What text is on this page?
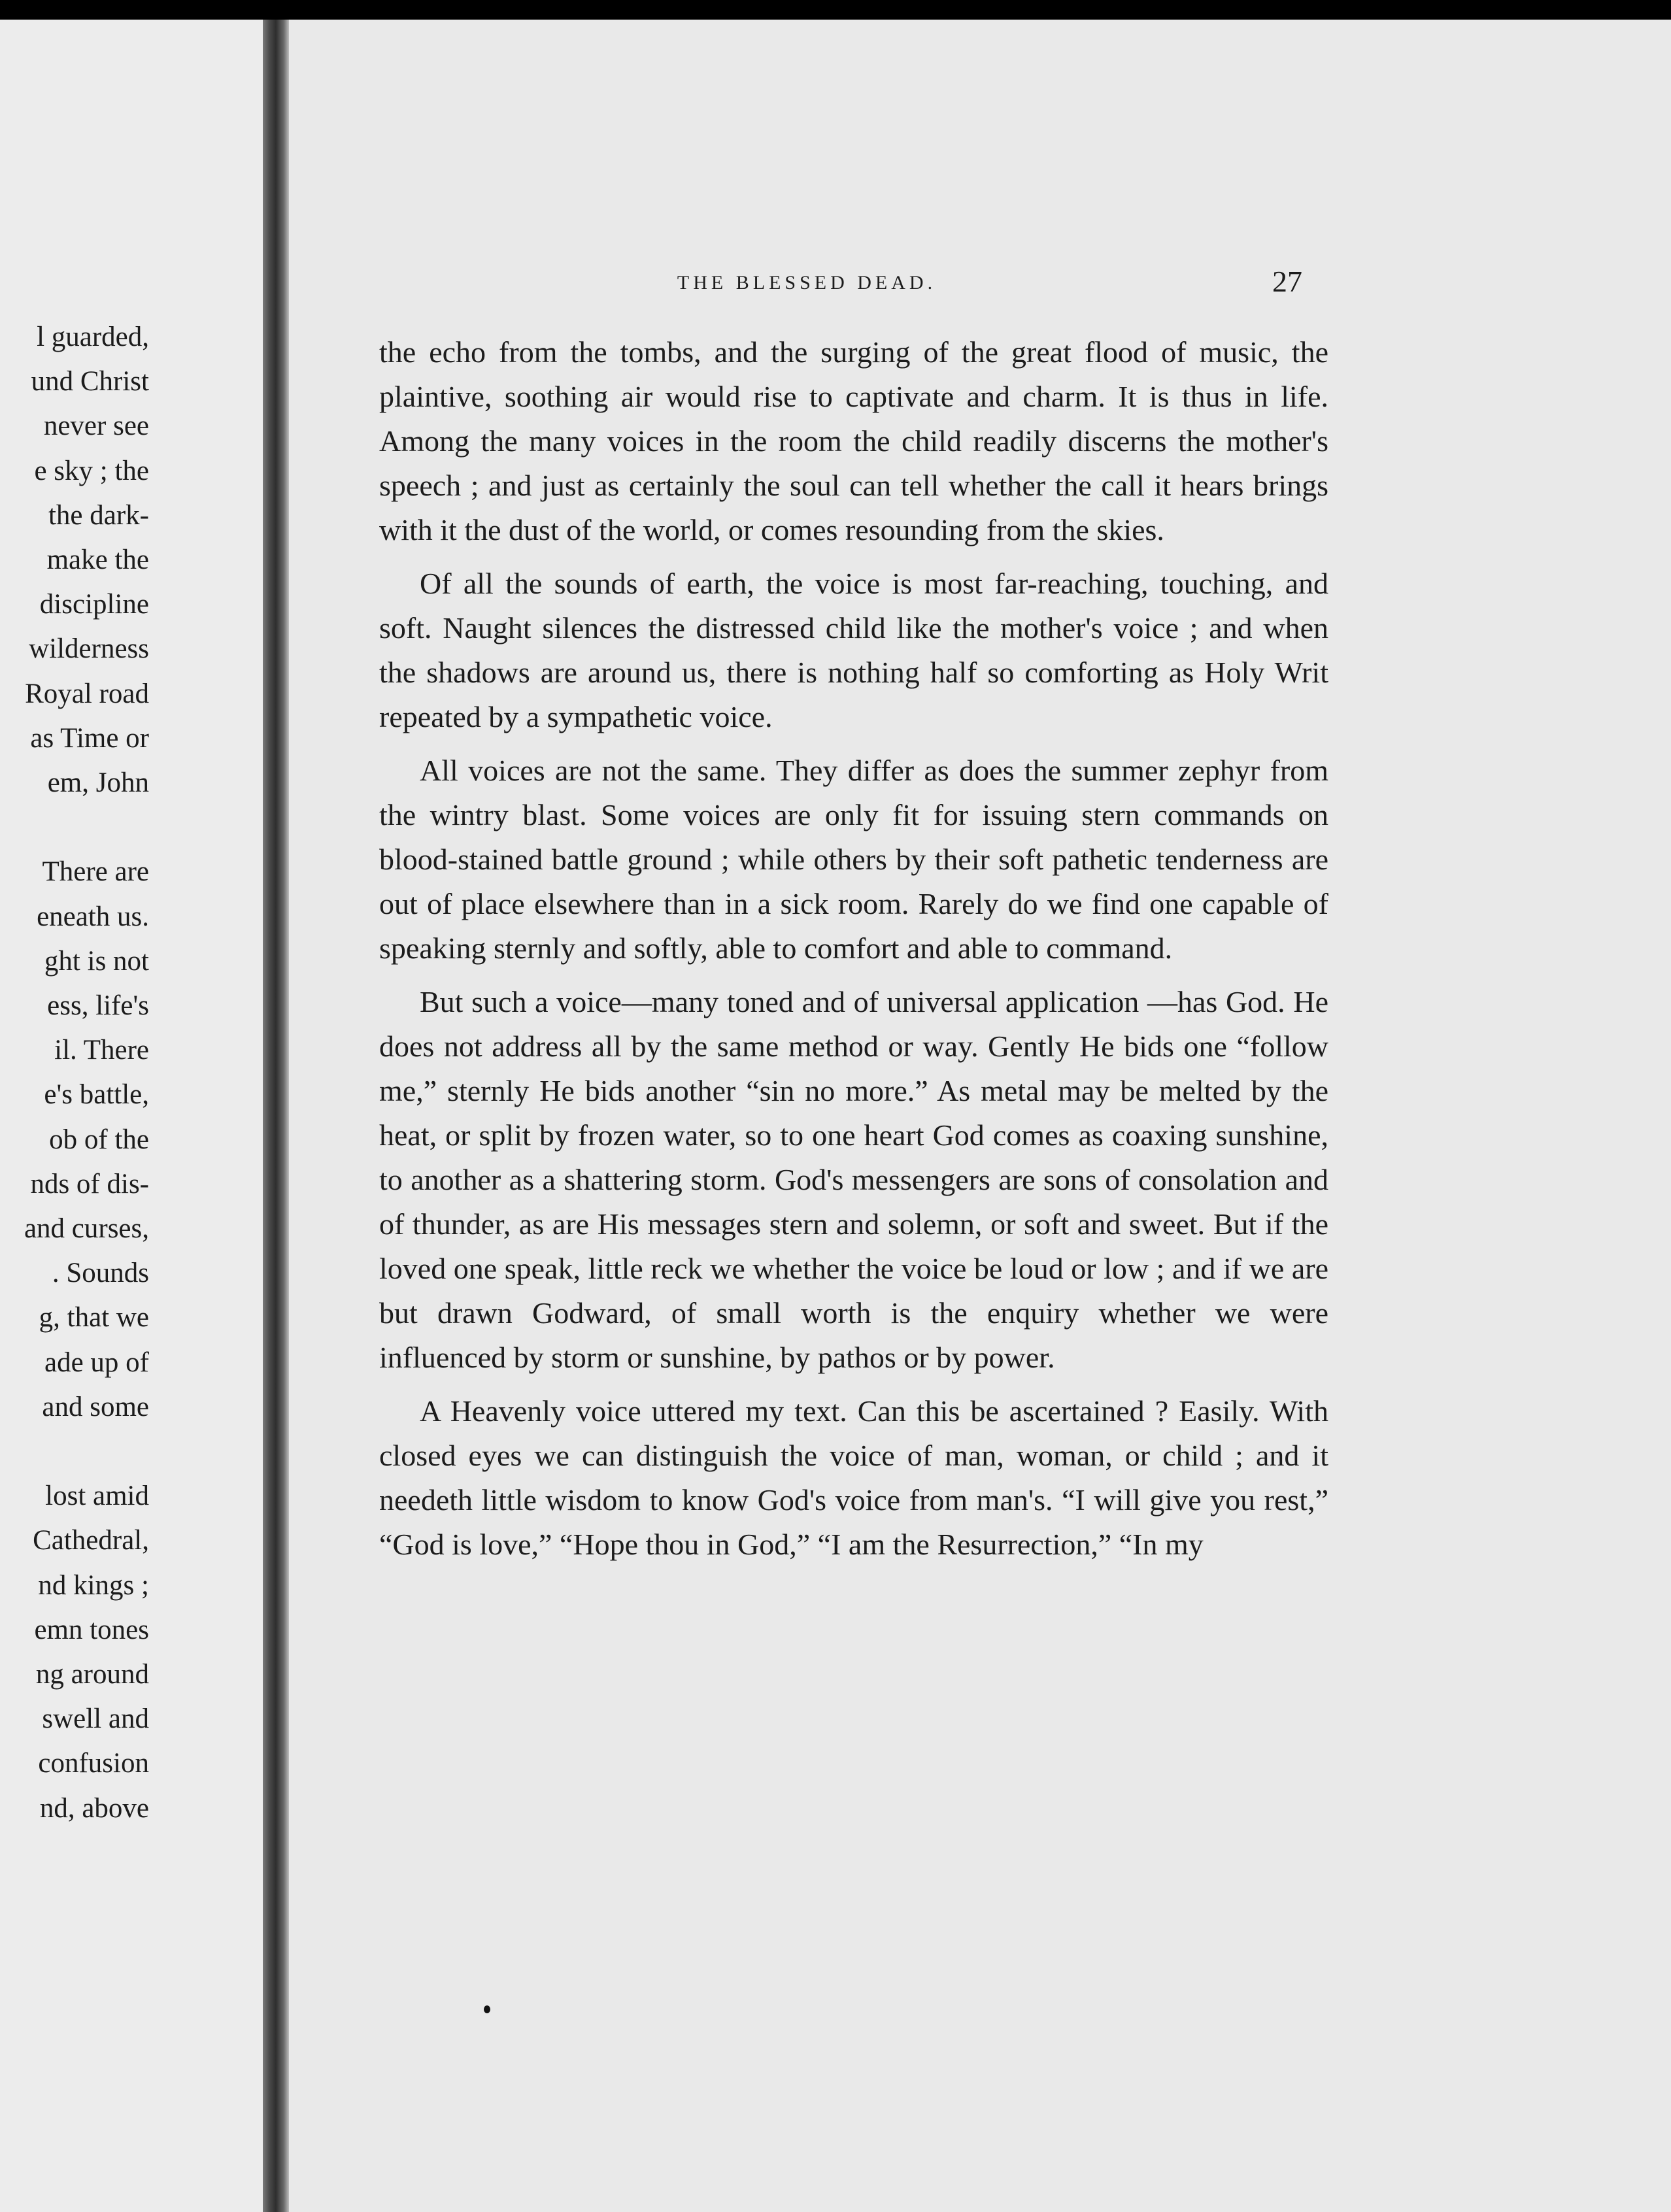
l guarded,
und Christ
never see
e sky ; the
the dark-
make the
discipline
wilderness
Royal road
as Time or
em, John
There are
eneath us.
ght is not
ess, life's
il. There
e's battle,
ob of the
nds of dis-
and curses,
. Sounds
g, that we
ade up of
and some
lost amid
Cathedral,
nd kings ;
emn tones
ng around
swell and
confusion
nd, above
THE BLESSED DEAD.	27

the echo from the tombs, and the surging of the great flood of music, the plaintive, soothing air would rise to captivate and charm. It is thus in life. Among the many voices in the room the child readily discerns the mother's speech ; and just as certainly the soul can tell whether the call it hears brings with it the dust of the world, or comes resounding from the skies.

Of all the sounds of earth, the voice is most far-reaching, touching, and soft. Naught silences the distressed child like the mother's voice ; and when the shadows are around us, there is nothing half so comforting as Holy Writ repeated by a sympathetic voice.

All voices are not the same. They differ as does the summer zephyr from the wintry blast. Some voices are only fit for issuing stern commands on blood-stained battle ground ; while others by their soft pathetic tenderness are out of place elsewhere than in a sick room. Rarely do we find one capable of speaking sternly and softly, able to comfort and able to command.

But such a voice—many toned and of universal application —has God. He does not address all by the same method or way. Gently He bids one “follow me,” sternly He bids another “sin no more.” As metal may be melted by the heat, or split by frozen water, so to one heart God comes as coaxing sunshine, to another as a shattering storm. God's messengers are sons of consolation and of thunder, as are His messages stern and solemn, or soft and sweet. But if the loved one speak, little reck we whether the voice be loud or low ; and if we are but drawn Godward, of small worth is the enquiry whether we were influenced by storm or sunshine, by pathos or by power.

A Heavenly voice uttered my text. Can this be ascertained ? Easily. With closed eyes we can distinguish the voice of man, woman, or child ; and it needeth little wisdom to know God's voice from man's. “I will give you rest,” “God is love,” “Hope thou in God,” “I am the Resurrection,” “In my
